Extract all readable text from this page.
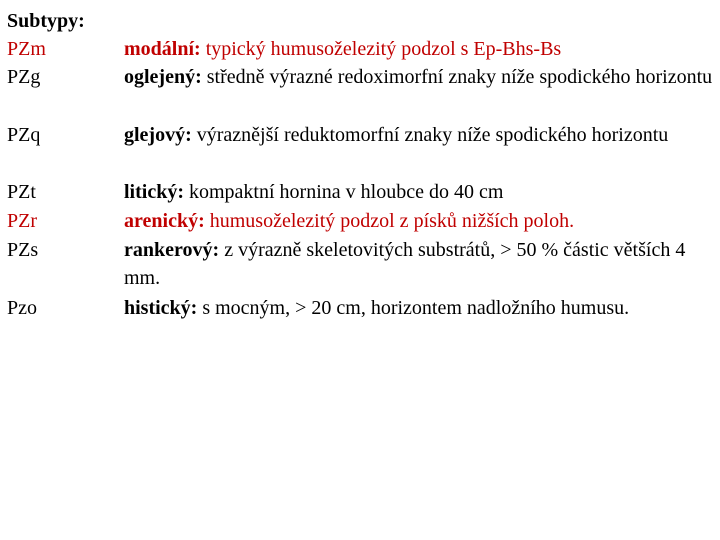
Subtypy:
PZm	modální: typický humusoželezitý podzol s Ep-Bhs-Bs
PZg	oglejený: středně výrazné redoximorfní znaky níže spodického horizontu
PZq	glejový: výraznější reduktomorfní znaky níže spodického horizontu
PZt	litický: kompaktní hornina v hloubce do 40 cm
PZr	arenický: humusoželezitý podzol z písků nižších poloh.
PZs	rankerový: z výrazně skeletovitých substrátů, > 50 % částic větších 4 mm.
Pzo	histický: s mocným, > 20 cm, horizontem nadložního humusu.
